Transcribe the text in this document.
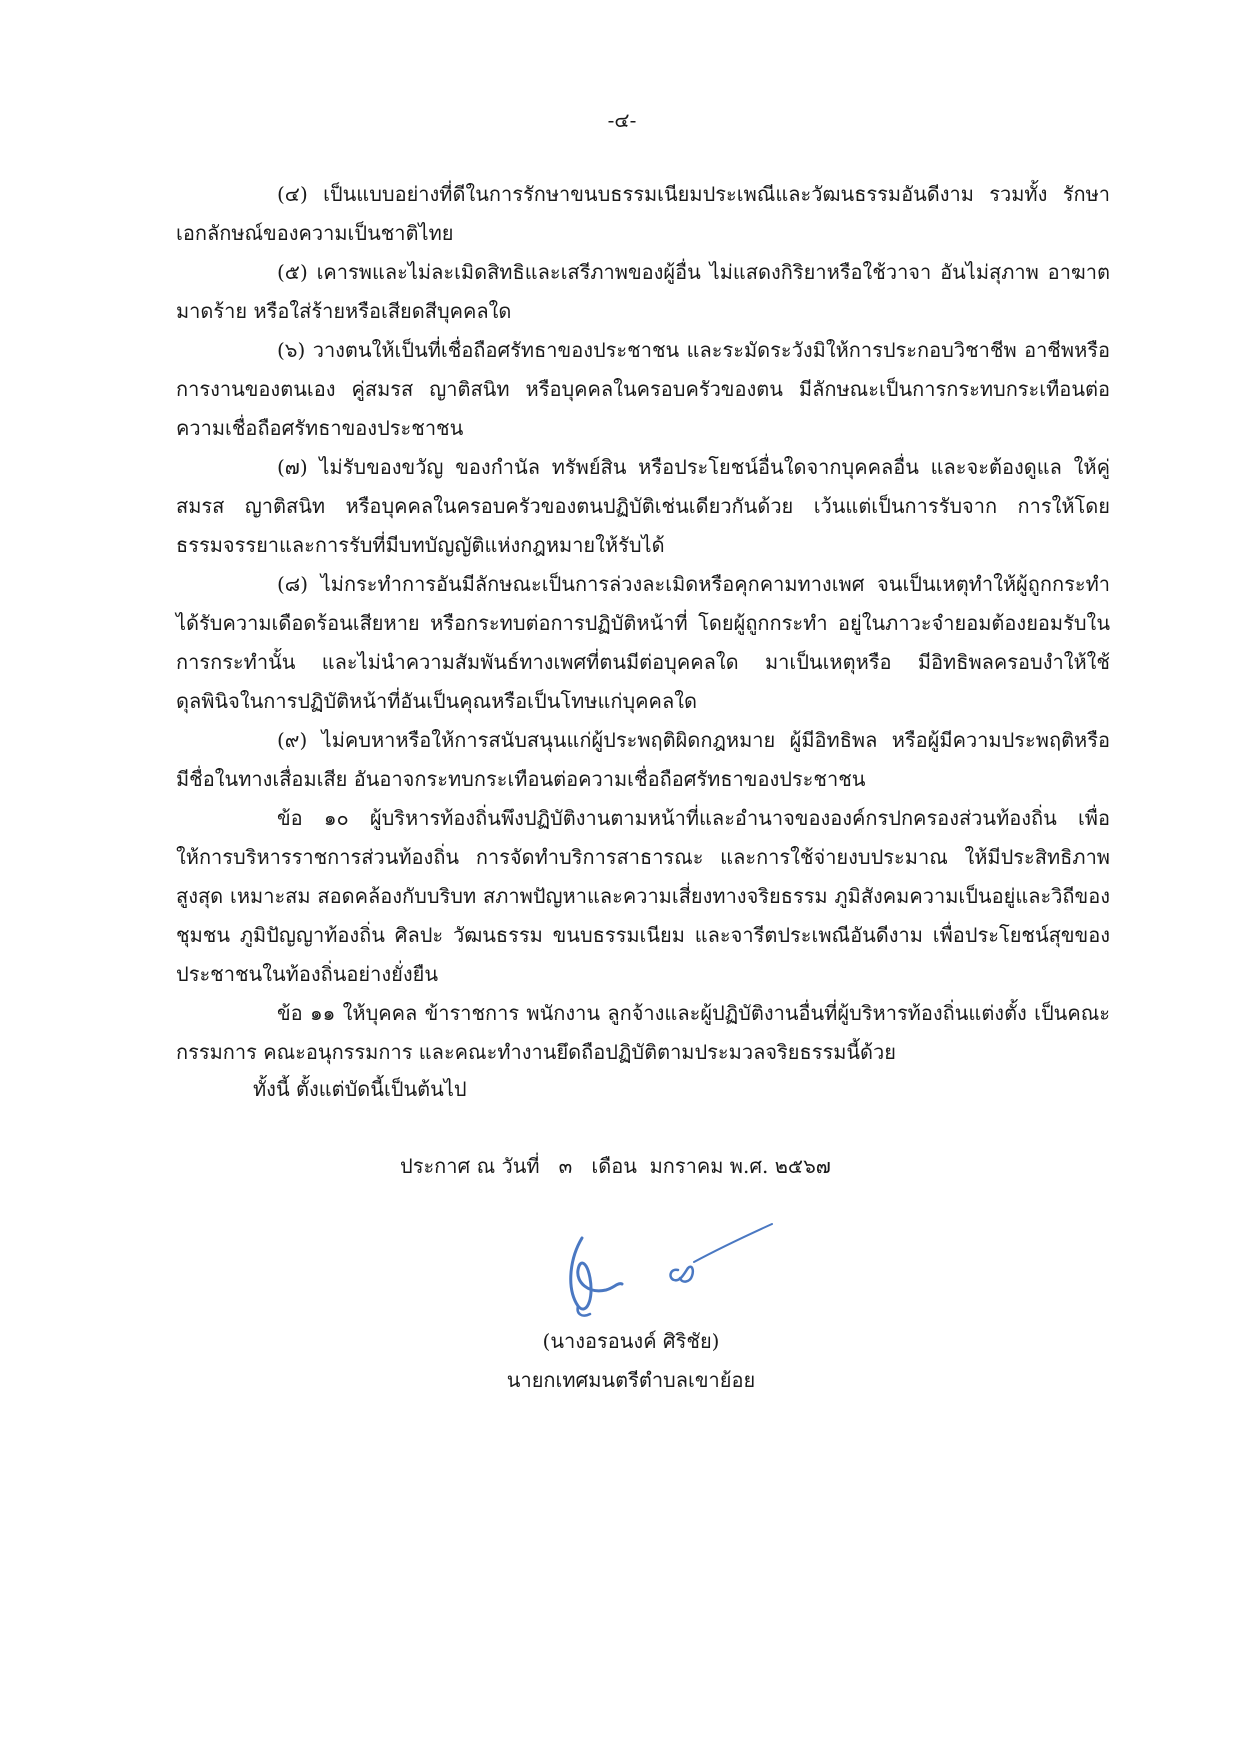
-๔-

(๔) เป็นแบบอย่างที่ดีในการรักษาขนบธรรมเนียมประเพณีและวัฒนธรรมอันดีงาม รวมทั้ง รักษาเอกลักษณ์ของความเป็นชาติไทย

(๕) เคารพและไม่ละเมิดสิทธิและเสรีภาพของผู้อื่น ไม่แสดงกิริยาหรือใช้วาจา อันไม่สุภาพ อาฆาตมาดร้าย หรือใส่ร้ายหรือเสียดสีบุคคลใด

(๖) วางตนให้เป็นที่เชื่อถือศรัทธาของประชาชน และระมัดระวังมิให้การประกอบวิชาชีพ อาชีพหรือการงานของตนเอง คู่สมรส ญาติสนิท หรือบุคคลในครอบครัวของตน มีลักษณะเป็นการกระทบกระเทือนต่อความเชื่อถือศรัทธาของประชาชน

(๗) ไม่รับของขวัญ ของกำนัล ทรัพย์สิน หรือประโยชน์อื่นใดจากบุคคลอื่น และจะต้องดูแล ให้คู่สมรส ญาติสนิท หรือบุคคลในครอบครัวของตนปฏิบัติเช่นเดียวกันด้วย เว้นแต่เป็นการรับจาก การให้โดยธรรมจรรยาและการรับที่มีบทบัญญัติแห่งกฎหมายให้รับได้

(๘) ไม่กระทำการอันมีลักษณะเป็นการล่วงละเมิดหรือคุกคามทางเพศ จนเป็นเหตุทำให้ผู้ถูกกระทำได้รับความเดือดร้อนเสียหาย หรือกระทบต่อการปฏิบัติหน้าที่ โดยผู้ถูกกระทำ อยู่ในภาวะจำยอมต้องยอมรับในการกระทำนั้น และไม่นำความสัมพันธ์ทางเพศที่ตนมีต่อบุคคลใด มาเป็นเหตุหรือ มีอิทธิพลครอบงำให้ใช้ดุลพินิจในการปฏิบัติหน้าที่อันเป็นคุณหรือเป็นโทษแก่บุคคลใด

(๙) ไม่คบหาหรือให้การสนับสนุนแก่ผู้ประพฤติผิดกฎหมาย ผู้มีอิทธิพล หรือผู้มีความประพฤติหรือมีชื่อในทางเสื่อมเสีย อันอาจกระทบกระเทือนต่อความเชื่อถือศรัทธาของประชาชน

ข้อ ๑๐ ผู้บริหารท้องถิ่นพึงปฏิบัติงานตามหน้าที่และอำนาจขององค์กรปกครองส่วนท้องถิ่น เพื่อให้การบริหารราชการส่วนท้องถิ่น การจัดทำบริการสาธารณะ และการใช้จ่ายงบประมาณ ให้มีประสิทธิภาพสูงสุด เหมาะสม สอดคล้องกับบริบท สภาพปัญหาและความเสี่ยงทางจริยธรรม ภูมิสังคมความเป็นอยู่และวิถีของชุมชน ภูมิปัญญาท้องถิ่น ศิลปะ วัฒนธรรม ขนบธรรมเนียม และจารีตประเพณีอันดีงาม เพื่อประโยชน์สุขของประชาชนในท้องถิ่นอย่างยั่งยืน

ข้อ ๑๑ ให้บุคคล ข้าราชการ พนักงาน ลูกจ้างและผู้ปฏิบัติงานอื่นที่ผู้บริหารท้องถิ่นแต่งตั้ง เป็นคณะกรรมการ คณะอนุกรรมการ และคณะทำงานยึดถือปฏิบัติตามประมวลจริยธรรมนี้ด้วย

ทั้งนี้ ตั้งแต่บัดนี้เป็นต้นไป
ประกาศ ณ วันที่   ๓   เดือน  มกราคม พ.ศ. ๒๕๖๗
(นางอรอนงค์ ศิริชัย)
นายกเทศมนตรีตำบลเขาย้อย
